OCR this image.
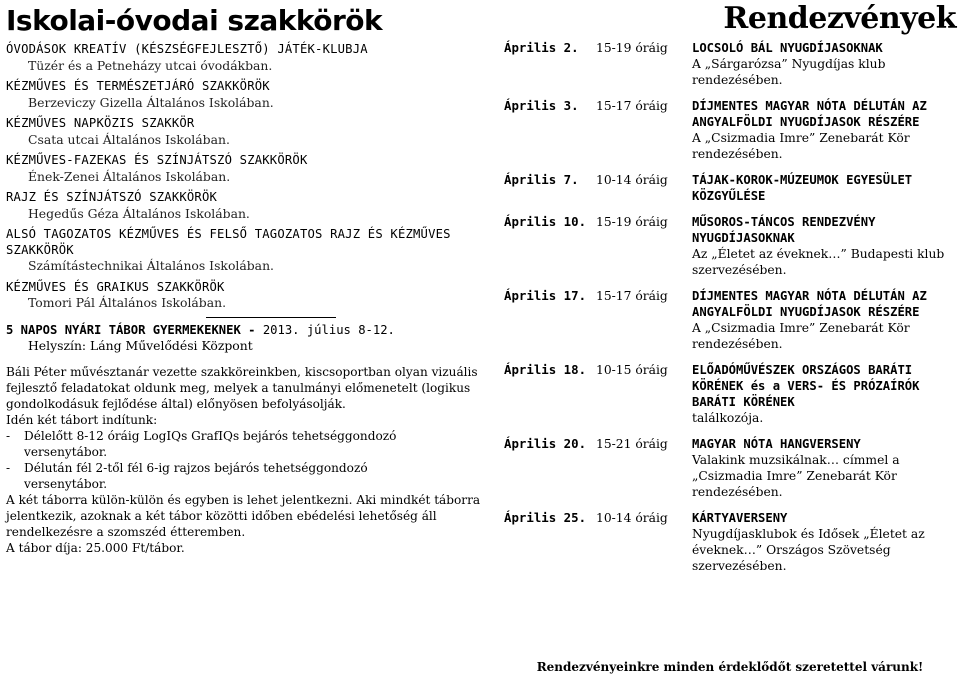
Iskolai-óvodai szakkörök
ÓVODÁSOK KREATÍV (KÉSZSÉGFEJLESZTŐ) JÁTÉK-KLUBJA
Tüzér és a Petneházy utcai óvodákban.
KÉZMŰVES ÉS TERMÉSZETJÁRÓ SZAKKÖRÖK
Berzeviczy Gizella Általános Iskolában.
KÉZMŰVES NAPKÖZIS SZAKKÖR
Csata utcai Általános Iskolában.
KÉZMŰVES-FAZEKAS ÉS SZÍNJÁTSZÓ SZAKKÖRÖK
Ének-Zenei Általános Iskolában.
RAJZ ÉS SZÍNJÁTSZÓ SZAKKÖRÖK
Hegedűs Géza Általános Iskolában.
ALSÓ TAGOZATOS KÉZMŰVES ÉS FELSŐ TAGOZATOS RAJZ ÉS KÉZMŰVES SZAKKÖRÖK
Számítástechnikai Általános Iskolában.
KÉZMŰVES ÉS GRAIKUS SZAKKÖRÖK
Tomori Pál Általános Iskolában.
5 NAPOS NYÁRI TÁBOR GYERMEKEKNEK - 2013. július 8-12.
Helyszín: Láng Művelődési Központ

Báli Péter művésztanár vezette szakköreinkben, kiscsoportban olyan vizuális fejlesztő feladatokat oldunk meg, melyek a tanulmányi előmenetelt (logikus gondolkodásuk fejlődése által) előnyösen befolyásolják.

Idén két tábort indítunk:

- Délelőtt 8-12 óráig LogIQs GrafIQs bejárós tehetséggondozó
versenytábor.
- Délután fél 2-től fél 6-ig rajzos bejárós tehetséggondozó
versenytábor.

A két táborra külön-külön és egyben is lehet jelentkezni. Aki mindkét táborra jelentkezik, azoknak a két tábor közötti időben ebédelési lehetőség áll rendelkezésre a szomszéd étteremben.

A tábor díja: 25.000 Ft/tábor.

Rendezvények
Április 2.	15-19 óráig	LOCSOLÓ BÁL NYUGDÍJASOKNAK
A „Sárgarózsa” Nyugdíjas klub rendezésében.
Április 3.	15-17 óráig	DÍJMENTES MAGYAR NÓTA DÉLUTÁN AZ ANGYALFÖLDI NYUGDÍJASOK RÉSZÉRE
A „Csizmadia Imre” Zenebarát Kör rendezésében.
Április 7.	10-14 óráig	TÁJAK-KOROK-MÚZEUMOK EGYESÜLET KÖZGYŰLÉSE
Április 10. 15-19 óráig	MŰSOROS-TÁNCOS RENDEZVÉNY NYUGDÍJASOKNAK
Az „Életet az éveknek…” Budapesti klub szervezésében.
Április 17. 15-17 óráig	DÍJMENTES MAGYAR NÓTA DÉLUTÁN AZ ANGYALFÖLDI NYUGDÍJASOK RÉSZÉRE
A „Csizmadia Imre” Zenebarát Kör rendezésében.
Április 18. 10-15 óráig	ELŐADÓMŰVÉSZEK ORSZÁGOS BARÁTI KÖRÉNEK és a VERS- ÉS PRÓZAÍRÓK BARÁTI KÖRÉNEK
találkozója.
Április 20. 15-21 óráig	MAGYAR NÓTA HANGVERSENY
Valakink muzsikálnak… címmel a „Csizmadia Imre” Zenebarát Kör rendezésében.
Április 25. 10-14 óráig	KÁRTYAVERSENY
Nyugdíjasklubok és Idősek „Életet az éveknek…” Országos Szövetség szervezésében.
Rendezvényeinkre minden érdeklődőt szeretettel várunk!
